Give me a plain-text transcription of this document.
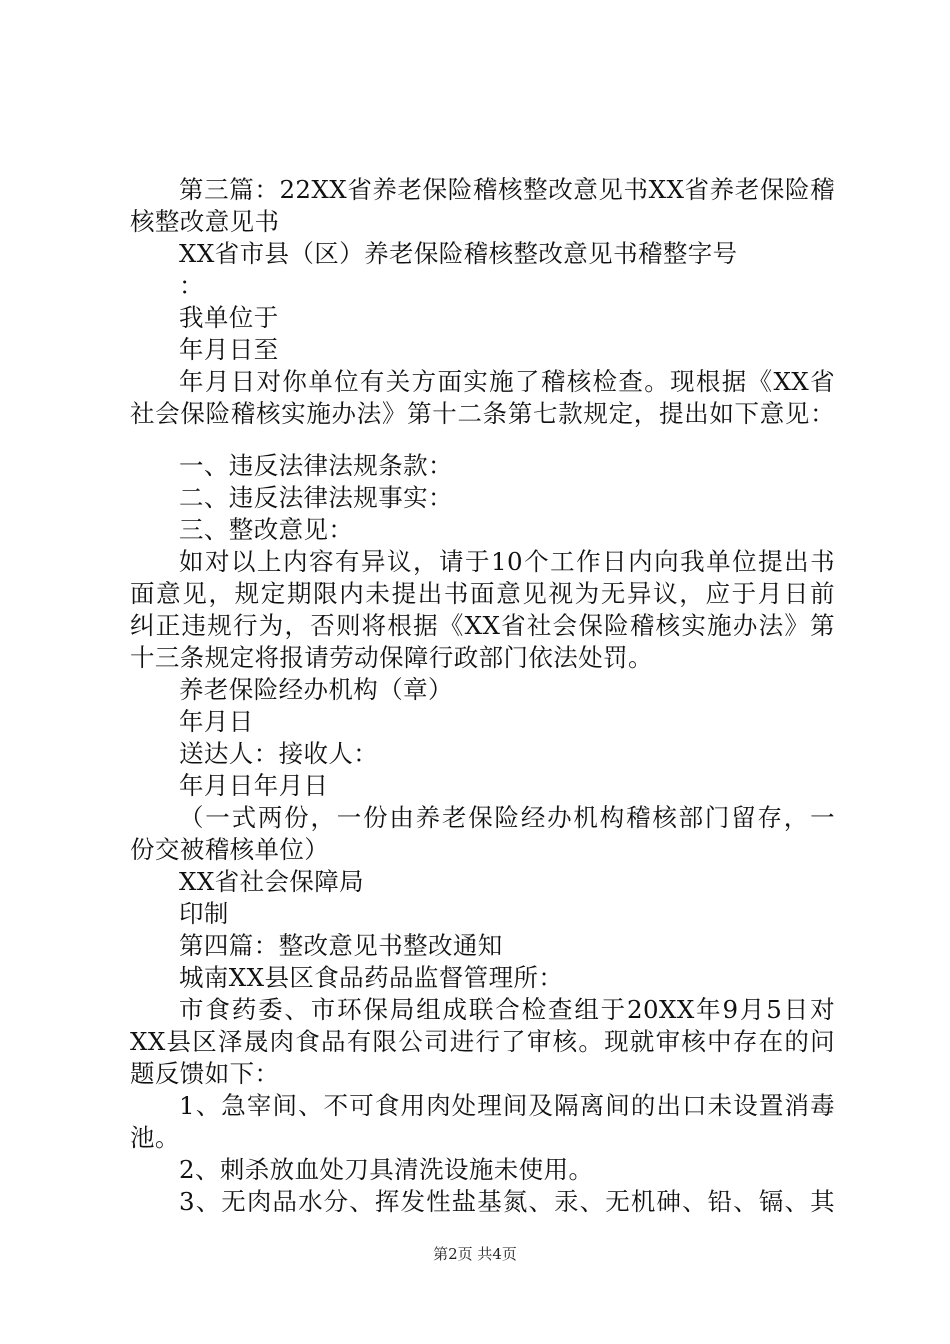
第三篇：22XX省养老保险稽核整改意见书XX省养老保险稽
核整改意见书
XX省市县（区）养老保险稽核整改意见书稽整字号
：
我单位于
年月日至
年月日对你单位有关方面实施了稽核检查。现根据《XX省
社会保险稽核实施办法》第十二条第七款规定，提出如下意见：
一、违反法律法规条款：
二、违反法律法规事实：
三、整改意见：
如对以上内容有异议，请于10个工作日内向我单位提出书
面意见，规定期限内未提出书面意见视为无异议，应于月日前
纠正违规行为，否则将根据《XX省社会保险稽核实施办法》第
十三条规定将报请劳动保障行政部门依法处罚。
养老保险经办机构（章）
年月日
送达人：接收人：
年月日年月日
（一式两份，一份由养老保险经办机构稽核部门留存，一
份交被稽核单位）
XX省社会保障局
印制
第四篇：整改意见书整改通知
城南XX县区食品药品监督管理所：
市食药委、市环保局组成联合检查组于20XX年9月5日对
XX县区泽晟肉食品有限公司进行了审核。现就审核中存在的问
题反馈如下：
1、急宰间、不可食用肉处理间及隔离间的出口未设置消毒
池。
2、刺杀放血处刀具清洗设施未使用。
3、无肉品水分、挥发性盐基氮、汞、无机砷、铅、镉、其
第2页 共4页
